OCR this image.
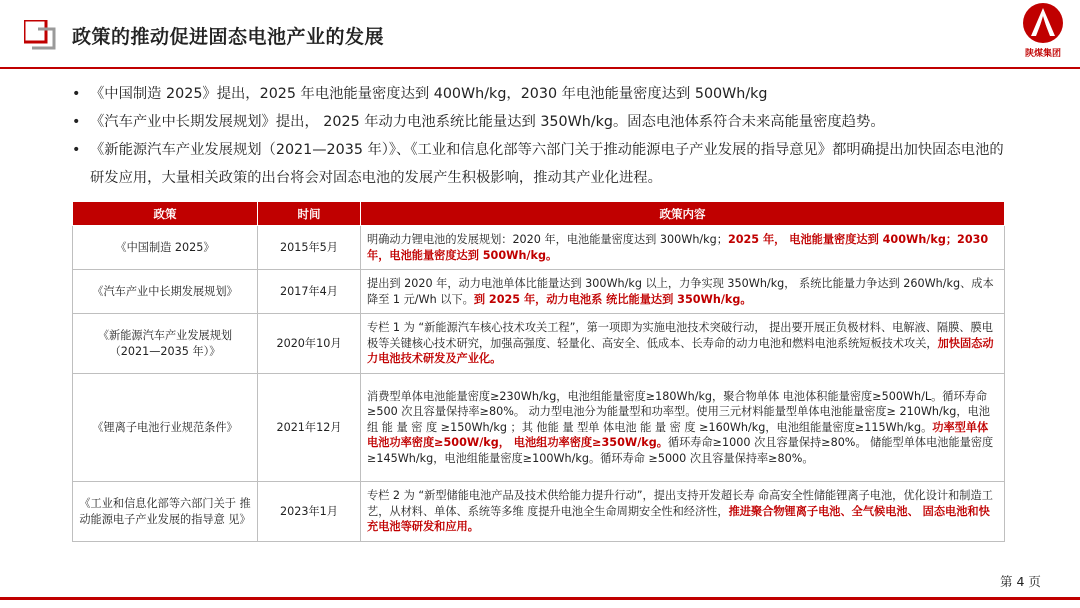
政策的推动促进固态电池产业的发展
陕煤集团
• 《中国制造 2025》提出，2025 年电池能量密度达到 400Wh/kg，2030 年电池能量密度达到 500Wh/kg
• 《汽车产业中长期发展规划》提出， 2025 年动力电池系统比能量达到 350Wh/kg。固态电池体系符合未来高能量密度趋势。
• 《新能源汽车产业发展规划（2021—2035 年）》、《工业和信息化部等六部门关于推动能源电子产业发展的指导意见》都明确提出加快固态电池的研发应用，大量相关政策的出台将会对固态电池的发展产生积极影响，推动其产业化进程。
政策	时间	政策内容
《中国制造 2025》	2015年5月	明确动力锂电池的发展规划：2020 年，电池能量密度达到 300Wh/kg；2025 年， 电池能量密度达到 400Wh/kg；2030 年，电池能量密度达到 500Wh/kg。
《汽车产业中长期发展规划》	2017年4月	提出到 2020 年，动力电池单体比能量达到 300Wh/kg 以上，力争实现 350Wh/kg， 系统比能量力争达到 260Wh/kg、成本降至 1 元/Wh 以下。到 2025 年，动力电池系 统比能量达到 350Wh/kg。
《新能源汽车产业发展规划（2021—2035 年）》	2020年10月	专栏 1 为 “新能源汽车核心技术攻关工程”，第一项即为实施电池技术突破行动， 提出要开展正负极材料、电解液、隔膜、膜电极等关键核心技术研究，加强高强度、轻量化、高安全、低成本、长寿命的动力电池和燃料电池系统短板技术攻关，加快固态动力电池技术研发及产业化。
《锂离子电池行业规范条件》	2021年12月	消费型单体电池能量密度≥230Wh/kg，电池组能量密度≥180Wh/kg，聚合物单体 电池体积能量密度≥500Wh/L。循环寿命≥500 次且容量保持率≥80%。 动力型电池分为能量型和功率型。使用三元材料能量型单体电池能量密度≥ 210Wh/kg，电池 组 能 量 密 度 ≥150Wh/kg ；其 他能 量 型单 体电池 能 量 密 度 ≥160Wh/kg，电池组能量密度≥115Wh/kg。功率型单体电池功率密度≥500W/kg， 电池组功率密度≥350W/kg。循环寿命≥1000 次且容量保持≥80%。 储能型单体电池能量密度≥145Wh/kg，电池组能量密度≥100Wh/kg。循环寿命 ≥5000 次且容量保持率≥80%。
《工业和信息化部等六部门关于 推动能源电子产业发展的指导意 见》	2023年1月	专栏 2 为 “新型储能电池产品及技术供给能力提升行动”，提出支持开发超长寿 命高安全性储能锂离子电池，优化设计和制造工艺，从材料、单体、系统等多维 度提升电池全生命周期安全性和经济性，推进聚合物锂离子电池、全气候电池、 固态电池和快充电池等研发和应用。
第 4 页
